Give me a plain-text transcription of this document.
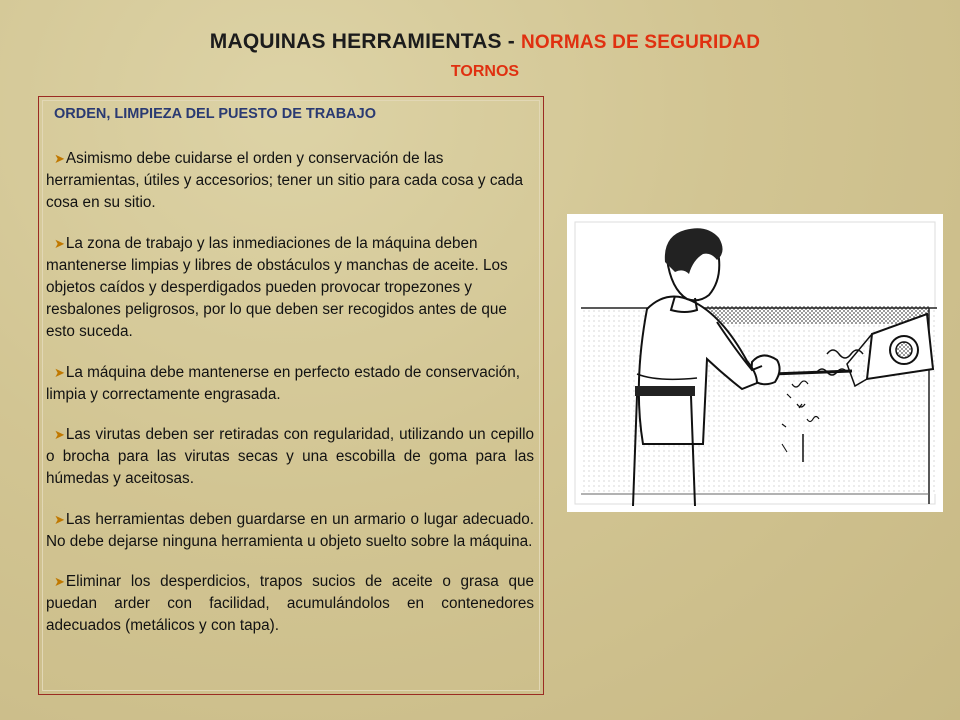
MAQUINAS HERRAMIENTAS - NORMAS DE SEGURIDAD
TORNOS
ORDEN, LIMPIEZA DEL PUESTO DE TRABAJO
➤Asimismo debe cuidarse el orden y conservación de las herramientas, útiles y accesorios; tener un sitio para cada cosa y cada cosa en su sitio.
➤La zona de trabajo y las inmediaciones de la máquina deben mantenerse limpias y libres de obstáculos y manchas de aceite. Los objetos caídos y desperdigados pueden provocar tropezones y resbalones peligrosos, por lo que deben ser recogidos antes de que esto suceda.
➤La máquina debe mantenerse en perfecto estado de conservación, limpia y correctamente engrasada.
➤Las virutas deben ser retiradas con regularidad, utilizando un cepillo o brocha para las virutas secas y una escobilla de goma para las húmedas y aceitosas.
➤Las herramientas deben guardarse en un armario o lugar adecuado. No debe dejarse ninguna herramienta u objeto suelto sobre la máquina.
➤Eliminar los desperdicios, trapos sucios de aceite o grasa que puedan arder con facilidad, acumulándolos en contenedores adecuados (metálicos y con tapa).
